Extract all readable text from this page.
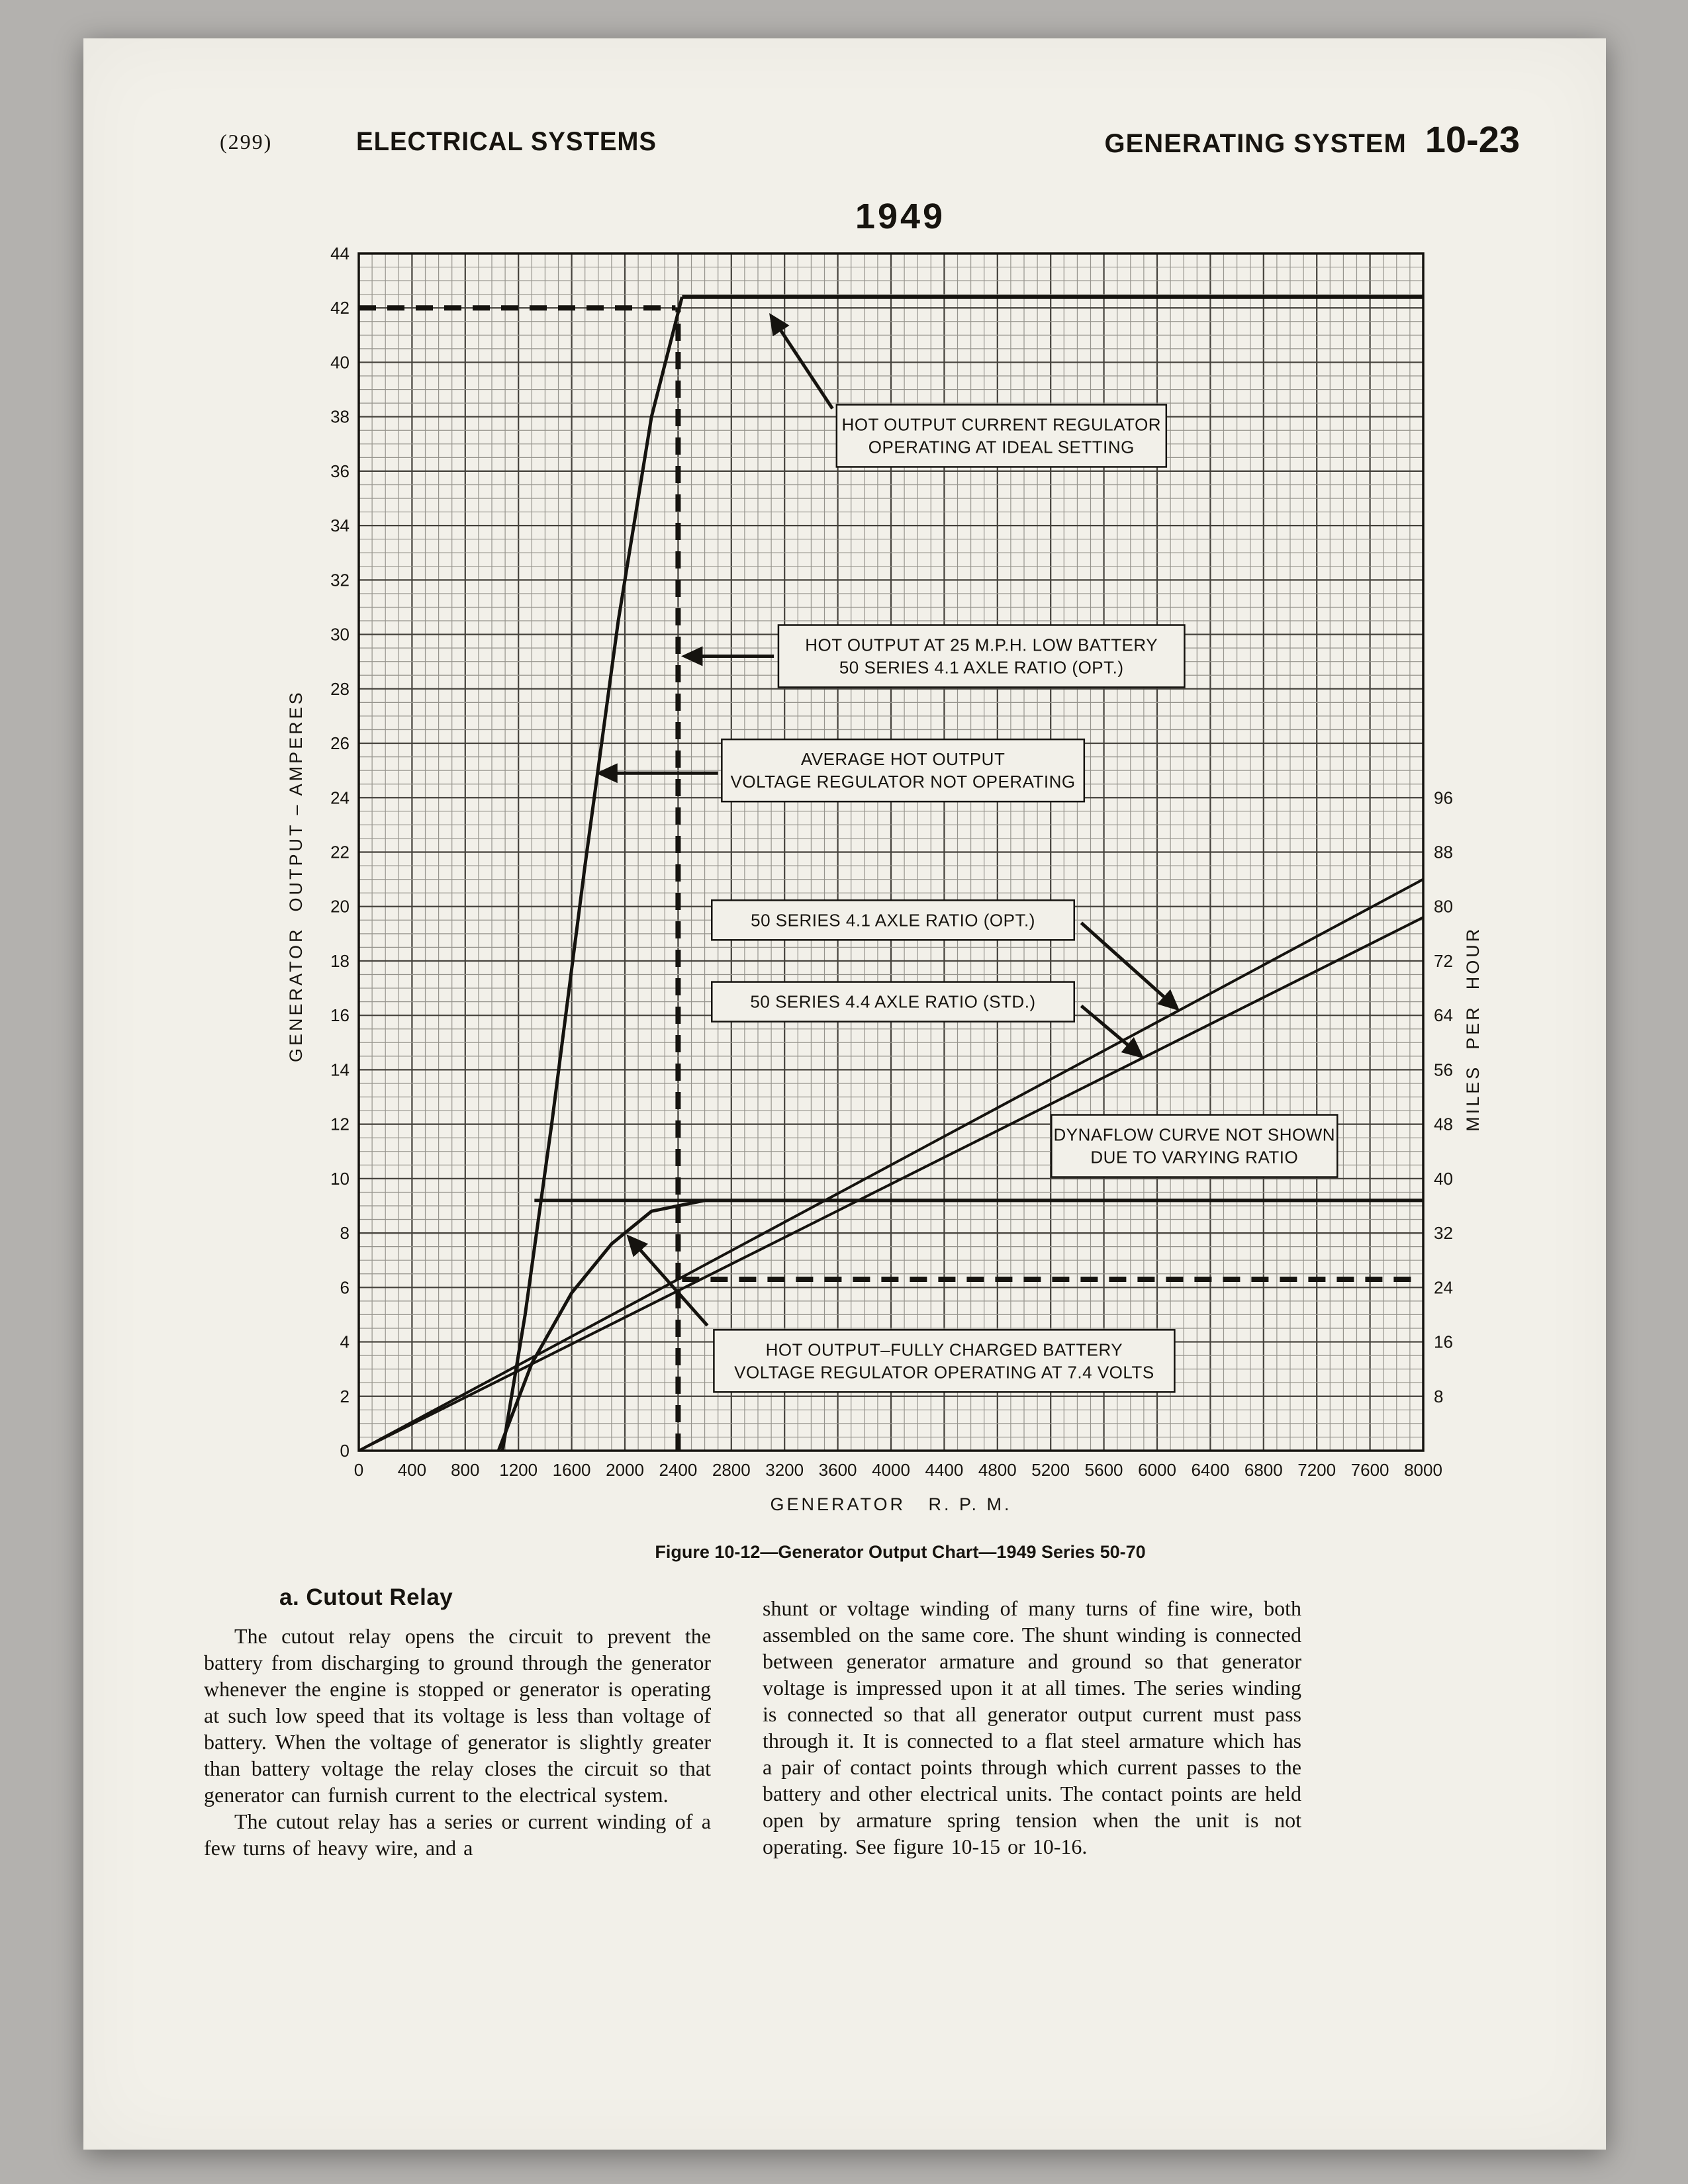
(299)	ELECTRICAL SYSTEMS	GENERATING SYSTEM 10-23
1949
0 400 800 1200 1600 2000 2400 2800 3200 3600 4000 4400 4800 5200 5600 6000 6400 6800 7200 7600 8000
0
2
4
6
8
10
12
14
16
18
20
22
24
26
28
30
32
34
36
38
40
42
44
8
16
24
32
40
48
56
64
72
80
88
96
GENERATOR   R. P. M.
GENERATOR  OUTPUT – AMPERES	MILES  PER  HOUR
HOT OUTPUT CURRENT REGULATOR
OPERATING AT IDEAL SETTING
HOT OUTPUT AT 25 M.P.H. LOW BATTERY
50 SERIES 4.1 AXLE RATIO (OPT.)
AVERAGE HOT OUTPUT
VOLTAGE REGULATOR NOT OPERATING
50 SERIES 4.1 AXLE RATIO (OPT.)
50 SERIES 4.4 AXLE RATIO (STD.)
DYNAFLOW CURVE NOT SHOWN
DUE TO VARYING RATIO
HOT OUTPUT–FULLY CHARGED BATTERY
VOLTAGE REGULATOR OPERATING AT 7.4 VOLTS
Figure 10-12—Generator Output Chart—1949 Series 50-70
a. Cutout Relay

The cutout relay opens the circuit to prevent the battery from discharging to ground through the generator whenever the engine is stopped or generator is operating at such low speed that its voltage is less than voltage of battery. When the voltage of generator is slightly greater than battery voltage the relay closes the circuit so that generator can furnish current to the electrical system.

The cutout relay has a series or current winding of a few turns of heavy wire, and a

shunt or voltage winding of many turns of fine wire, both assembled on the same core. The shunt winding is connected between generator armature and ground so that generator voltage is impressed upon it at all times. The series winding is connected so that all generator output current must pass through it. It is connected to a flat steel armature which has a pair of contact points through which current passes to the battery and other electrical units. The contact points are held open by armature spring tension when the unit is not operating. See figure 10-15 or 10-16.
